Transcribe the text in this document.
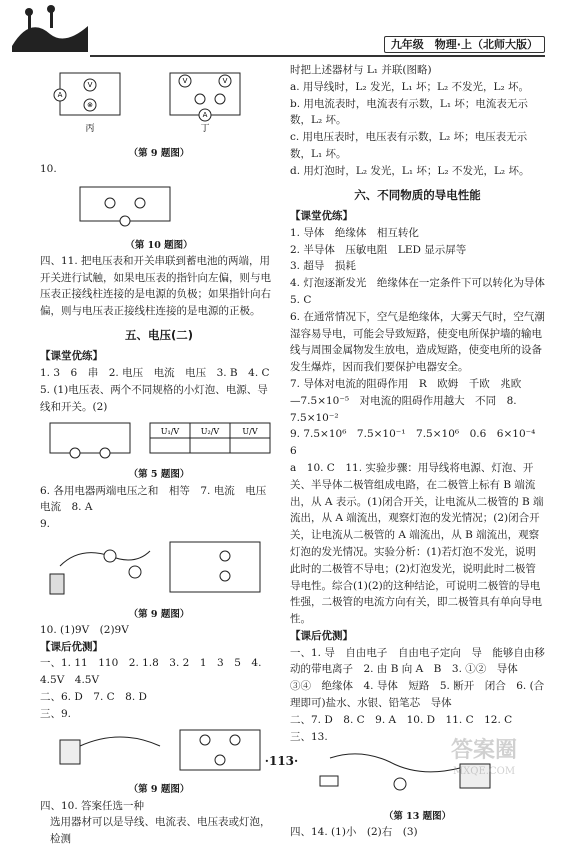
九年级　物理·上（北师大版）
V
⊗
A
V	V
A
丙	丁
（第 9 题图）
10.
（第 10 题图）
四、11. 把电压表和开关串联到蓄电池的两端，用开关进行试触，如果电压表的指针向左偏，则与电压表正接线柱连接的是电源的负极；如果指针向右偏，则与电压表正接线柱连接的是电源的正极。
五、电压(二)
【课堂优练】
1. 3　6　串　2. 电压　电流　电压　3. B　4. C
5. (1)电压表、两个不同规格的小灯泡、电源、导线和开关。(2)
U₁/V	U₂/V	U/V
（第 5 题图）
6. 各用电器两端电压之和　相等　7. 电流　电压　电流　8. A
9.
（第 9 题图）
10. (1)9V　(2)9V
【课后优测】
一、1. 11　110　2. 1.8　3. 2　1　3　5　4. 4.5V　4.5V
二、6. D　7. C　8. D
三、9.
（第 9 题图）
四、10. 答案任选一种
选用器材可以是导线、电流表、电压表或灯泡，检测
时把上述器材与 L₁ 并联(图略)
a. 用导线时，L₂ 发光，L₁ 坏；L₂ 不发光，L₂ 坏。
b. 用电流表时，电流表有示数，L₁ 坏；电流表无示数，L₂ 坏。
c. 用电压表时，电压表有示数，L₂ 坏；电压表无示数，L₁ 坏。
d. 用灯泡时，L₂ 发光，L₁ 坏；L₂ 不发光，L₂ 坏。
六、不同物质的导电性能
【课堂优练】
1. 导体　绝缘体　相互转化
2. 半导体　压敏电阻　LED 显示屏等
3. 超导　损耗
4. 灯泡逐渐发光　绝缘体在一定条件下可以转化为导体
5. C
6. 在通常情况下，空气是绝缘体，大雾天气时，空气潮湿容易导电，可能会导致短路，使变电所保护墙的输电线与周围金属物发生放电，造成短路，使变电所的设备发生爆炸，因而我们要保护电器安全。
7. 导体对电流的阻碍作用　R　欧姆　千欧　兆欧
—7.5×10⁻⁵　对电流的阻碍作用越大　不同　8. 7.5×10⁻²
9. 7.5×10⁶　7.5×10⁻¹　7.5×10⁶　0.6　6×10⁻⁴　6
a　10. C　11. 实验步骤：用导线将电源、灯泡、开关、半导体二极管组成电路，在二极管上标有 B 端流出，从 A 表示。(1)闭合开关，让电流从二极管的 B 端流出，从 A 端流出，观察灯泡的发光情况；(2)闭合开关，让电流从二极管的 A 端流出，从 B 端流出，观察灯泡的发光情况。实验分析：(1)若灯泡不发光，说明此时的二极管不导电；(2)灯泡发光，说明此时二极管导电性。综合(1)(2)的这种结论，可说明二极管的导电性强，二极管的电流方向有关，即二极管具有单向导电性。
【课后优测】
一、1. 导　自由电子　自由电子定向　导　能够自由移动的带电离子　2. 由 B 向 A　B　3. ①②　导体　③④　绝缘体　4. 导体　短路　5. 断开　闭合　6. (合理即可)盐水、水银、铅笔芯　导体
二、7. D　8. C　9. A　10. D　11. C　12. C
三、13.
（第 13 题图）
四、14. (1)小　(2)右　(3)
·113·	答案圈
MXQE.COM
